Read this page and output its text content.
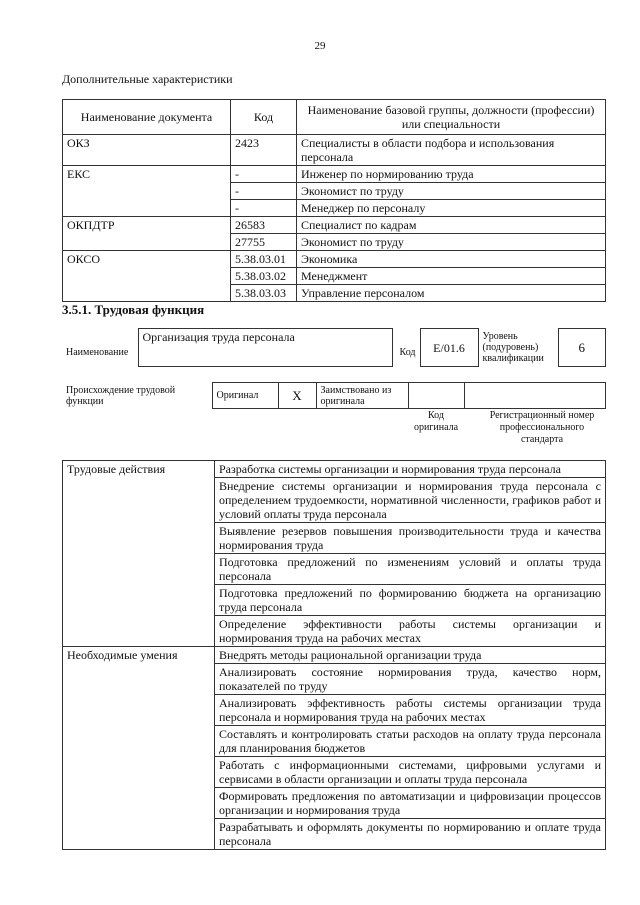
29
Дополнительные характеристики
Наименование документа	Код	Наименование базовой группы, должности (профессии) или специальности
ОКЗ	2423	Специалисты в области подбора и использования персонала
ЕКС	-	Инженер по нормированию труда
	-	Экономист по труду
	-	Менеджер по персоналу
ОКПДТР	26583	Специалист по кадрам
	27755	Экономист по труду
ОКСО	5.38.03.01	Экономика
	5.38.03.02	Менеджмент
	5.38.03.03	Управление персоналом
3.5.1. Трудовая функция
Наименование	Организация труда персонала	Код	E/01.6	Уровень (подуровень) квалификации	6
Происхождение трудовой функции	Оригинал	X	Заимствовано из оригинала		
Код оригинала
Регистрационный номер профессионального стандарта
Трудовые действия	Разработка системы организации и нормирования труда персонала
	Внедрение системы организации и нормирования труда персонала с определением трудоемкости, нормативной численности, графиков работ и условий оплаты труда персонала
	Выявление резервов повышения производительности труда и качества нормирования труда
	Подготовка предложений по изменениям условий и оплаты труда персонала
	Подготовка предложений по формированию бюджета на организацию труда персонала
	Определение эффективности работы системы организации и нормирования труда на рабочих местах
Необходимые умения	Внедрять методы рациональной организации труда
	Анализировать состояние нормирования труда, качество норм, показателей по труду
	Анализировать эффективность работы системы организации труда персонала и нормирования труда на рабочих местах
	Составлять и контролировать статьи расходов на оплату труда персонала для планирования бюджетов
	Работать с информационными системами, цифровыми услугами и сервисами в области организации и оплаты труда персонала
	Формировать предложения по автоматизации и цифровизации процессов организации и нормирования труда
	Разрабатывать и оформлять документы по нормированию и оплате труда персонала
